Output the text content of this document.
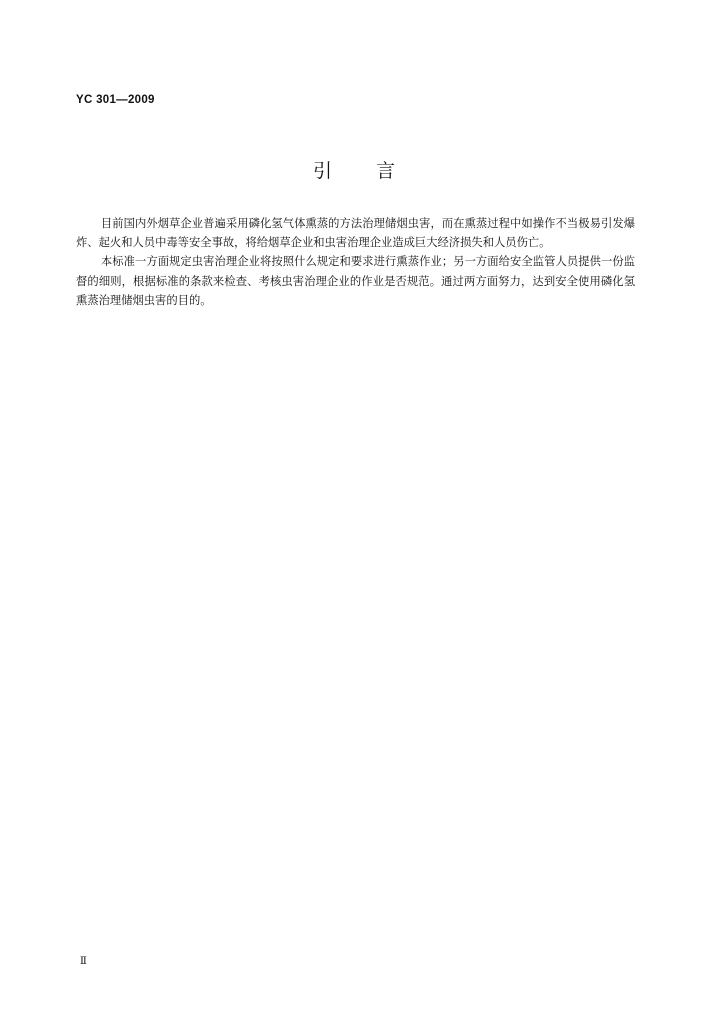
YC 301—2009
引言

目前国内外烟草企业普遍采用磷化氢气体熏蒸的方法治理储烟虫害，而在熏蒸过程中如操作不当极易引发爆炸、起火和人员中毒等安全事故，将给烟草企业和虫害治理企业造成巨大经济损失和人员伤亡。

本标准一方面规定虫害治理企业将按照什么规定和要求进行熏蒸作业；另一方面给安全监管人员提供一份监督的细则，根据标准的条款来检查、考核虫害治理企业的作业是否规范。通过两方面努力，达到安全使用磷化氢熏蒸治理储烟虫害的目的。

Ⅱ
